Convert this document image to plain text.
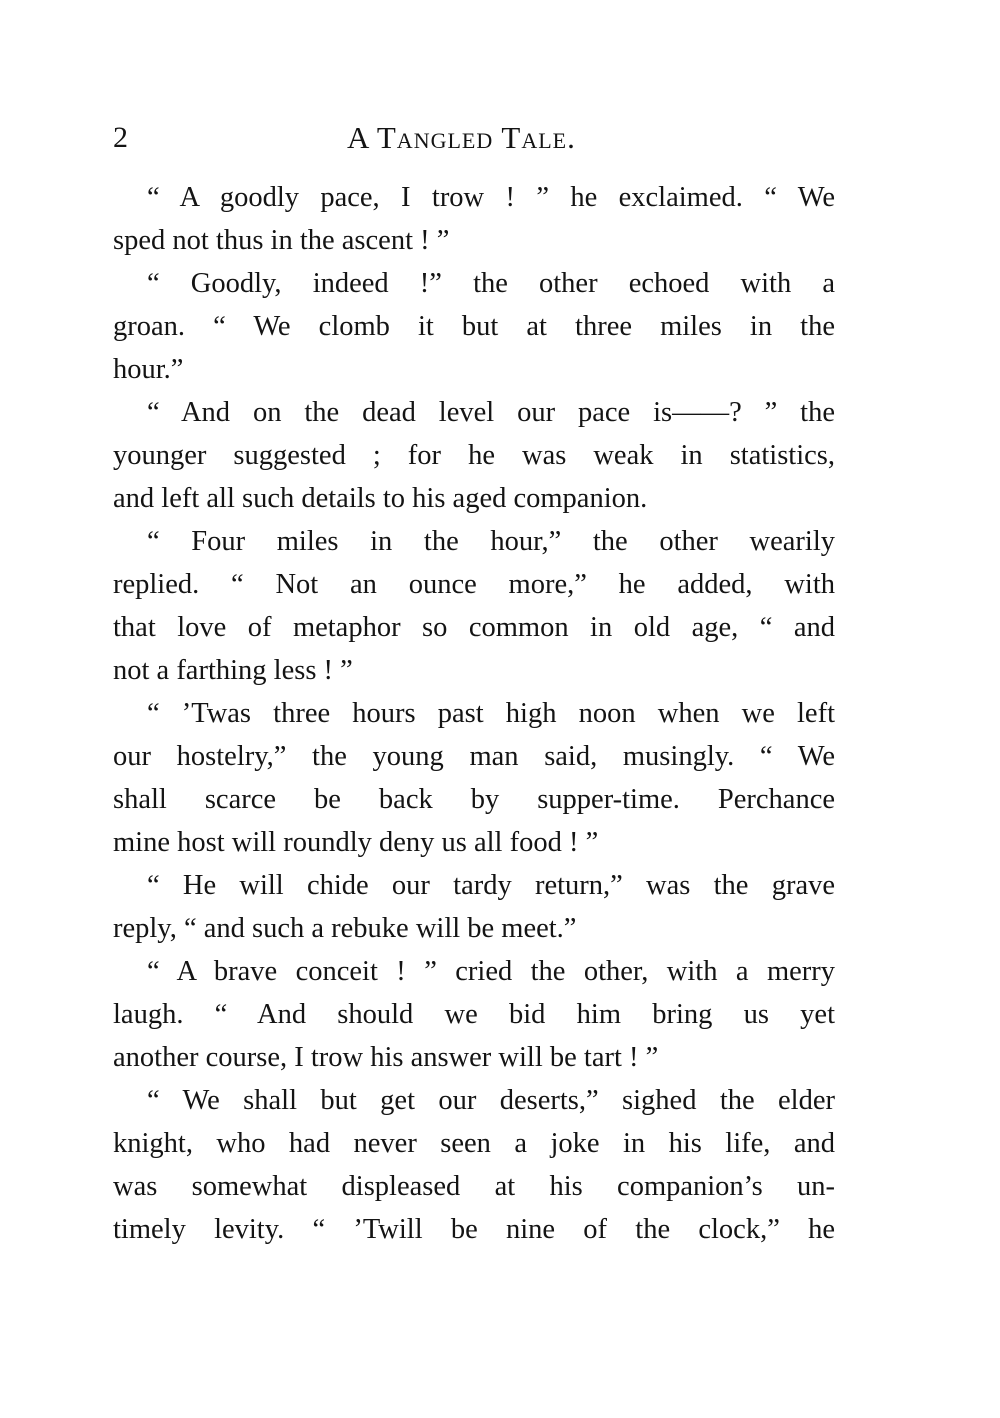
2	A Tangled Tale.
“ A goodly pace, I trow ! ” he exclaimed. “ We
sped not thus in the ascent ! ”
“ Goodly, indeed !” the other echoed with a
groan. “ We clomb it but at three miles in the
hour.”
“ And on the dead level our pace is——? ” the
younger suggested ; for he was weak in statistics,
and left all such details to his aged companion.
“ Four miles in the hour,” the other wearily
replied. “ Not an ounce more,” he added, with
that love of metaphor so common in old age, “ and
not a farthing less ! ”
“ ’Twas three hours past high noon when we left
our hostelry,” the young man said, musingly. “ We
shall scarce be back by supper-time. Perchance
mine host will roundly deny us all food ! ”
“ He will chide our tardy return,” was the grave
reply, “ and such a rebuke will be meet.”
“ A brave conceit ! ” cried the other, with a merry
laugh. “ And should we bid him bring us yet
another course, I trow his answer will be tart ! ”
“ We shall but get our deserts,” sighed the elder
knight, who had never seen a joke in his life, and
was somewhat displeased at his companion’s un-
timely levity. “ ’Twill be nine of the clock,” he
